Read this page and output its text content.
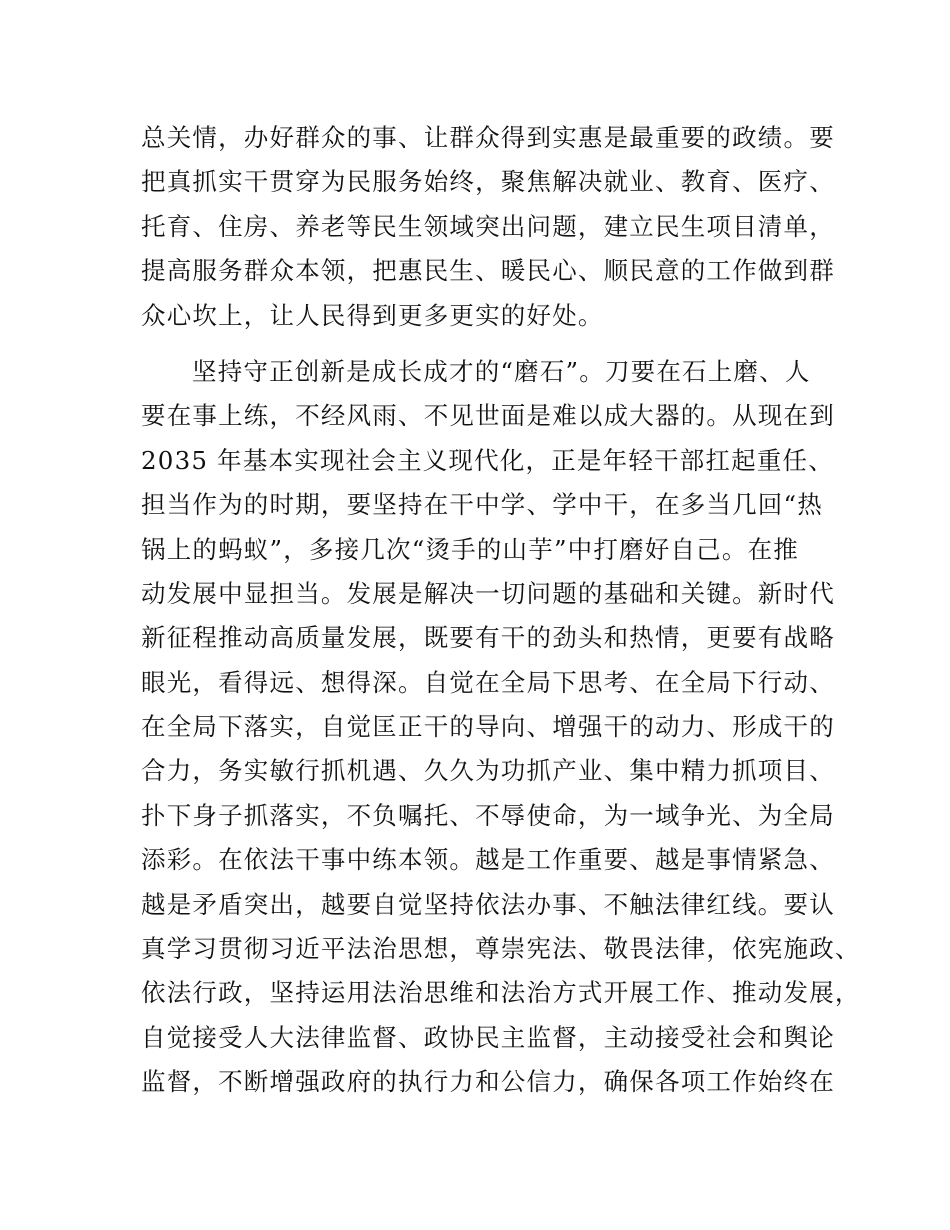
总关情，办好群众的事、让群众得到实惠是最重要的政绩。要
把真抓实干贯穿为民服务始终，聚焦解决就业、教育、医疗、
托育、住房、养老等民生领域突出问题，建立民生项目清单，
提高服务群众本领，把惠民生、暖民心、顺民意的工作做到群
众心坎上，让人民得到更多更实的好处。
坚持守正创新是成长成才的“磨石”。刀要在石上磨、人
要在事上练，不经风雨、不见世面是难以成大器的。从现在到
2035 年基本实现社会主义现代化，正是年轻干部扛起重任、
担当作为的时期，要坚持在干中学、学中干，在多当几回“热
锅上的蚂蚁”，多接几次“烫手的山芋”中打磨好自己。在推
动发展中显担当。发展是解决一切问题的基础和关键。新时代
新征程推动高质量发展，既要有干的劲头和热情，更要有战略
眼光，看得远、想得深。自觉在全局下思考、在全局下行动、
在全局下落实，自觉匡正干的导向、增强干的动力、形成干的
合力，务实敏行抓机遇、久久为功抓产业、集中精力抓项目、
扑下身子抓落实，不负嘱托、不辱使命，为一域争光、为全局
添彩。在依法干事中练本领。越是工作重要、越是事情紧急、
越是矛盾突出，越要自觉坚持依法办事、不触法律红线。要认
真学习贯彻习近平法治思想，尊崇宪法、敬畏法律，依宪施政、
依法行政，坚持运用法治思维和法治方式开展工作、推动发展，
自觉接受人大法律监督、政协民主监督，主动接受社会和舆论
监督，不断增强政府的执行力和公信力，确保各项工作始终在
